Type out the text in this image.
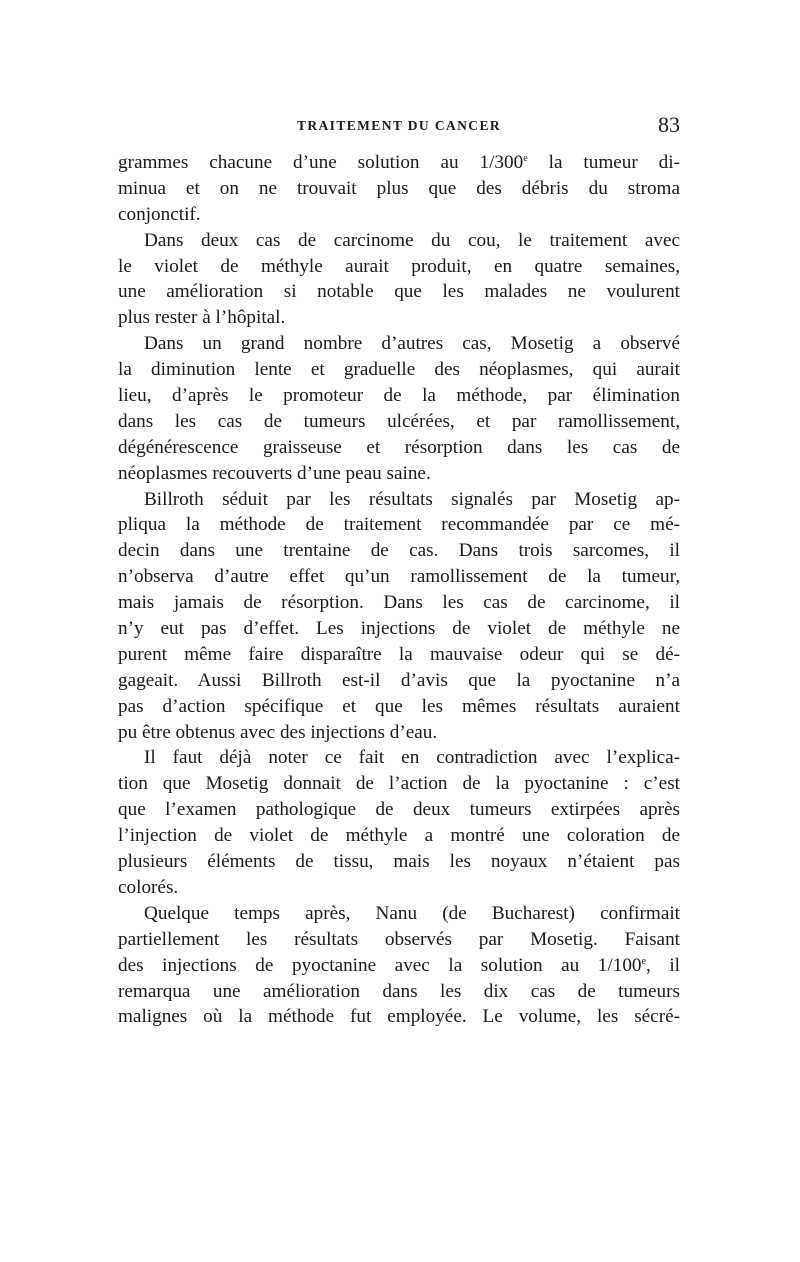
TRAITEMENT DU CANCER	83
grammes chacune d’une solution au 1/300e la tumeur di-
minua et on ne trouvait plus que des débris du stroma
conjonctif.
Dans deux cas de carcinome du cou, le traitement avec
le violet de méthyle aurait produit, en quatre semaines,
une amélioration si notable que les malades ne voulurent
plus rester à l’hôpital.
Dans un grand nombre d’autres cas, Mosetig a observé
la diminution lente et graduelle des néoplasmes, qui aurait
lieu, d’après le promoteur de la méthode, par élimination
dans les cas de tumeurs ulcérées, et par ramollissement,
dégénérescence graisseuse et résorption dans les cas de
néoplasmes recouverts d’une peau saine.
Billroth séduit par les résultats signalés par Mosetig ap-
pliqua la méthode de traitement recommandée par ce mé-
decin dans une trentaine de cas. Dans trois sarcomes, il
n’observa d’autre effet qu’un ramollissement de la tumeur,
mais jamais de résorption. Dans les cas de carcinome, il
n’y eut pas d’effet. Les injections de violet de méthyle ne
purent même faire disparaître la mauvaise odeur qui se dé-
gageait. Aussi Billroth est-il d’avis que la pyoctanine n’a
pas d’action spécifique et que les mêmes résultats auraient
pu être obtenus avec des injections d’eau.
Il faut déjà noter ce fait en contradiction avec l’explica-
tion que Mosetig donnait de l’action de la pyoctanine : c’est
que l’examen pathologique de deux tumeurs extirpées après
l’injection de violet de méthyle a montré une coloration de
plusieurs éléments de tissu, mais les noyaux n’étaient pas
colorés.
Quelque temps après, Nanu (de Bucharest) confirmait
partiellement les résultats observés par Mosetig. Faisant
des injections de pyoctanine avec la solution au 1/100e, il
remarqua une amélioration dans les dix cas de tumeurs
malignes où la méthode fut employée. Le volume, les sécré-
